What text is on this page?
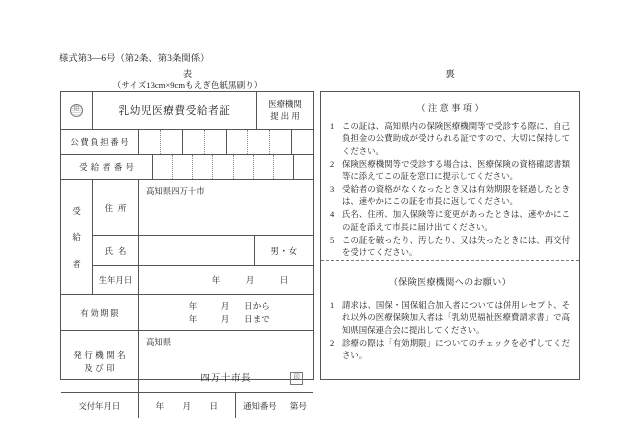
様式第3—6号（第2条、第3条関係）
表
（サイズ13cm×9cmもえぎ色紙黒刷り）
裏
印	乳幼児医療費受給者証
医療機関
提出用
公費負担番号
受給者番号
受
給
者
住所
高知県四万十市
氏名	男・女
生年月日	年	月	日
有効期限
年	月 日から
年	月 日まで
発行機関名
及び印
高知県
四万十市長	印
交付年月日	年 月 日	通知番号	第 号
（注意事項）
1 この証は、高知県内の保険医療機関等で受診する際に、自己負担金の公費助成が受けられる証ですので、大切に保持してください。
2 保険医療機関等で受診する場合は、医療保険の資格確認書類等に添えてこの証を窓口に提示してください。
3 受給者の資格がなくなったとき又は有効期限を経過したときは、速やかにこの証を市長に返してください。
4 氏名、住所、加入保険等に変更があったときは、速やかにこの証を添えて市長に届け出てください。
5 この証を破ったり、汚したり、又は失ったときには、再交付を受けてください。
（保険医療機関へのお願い）
1 請求は、国保・国保組合加入者については併用レセプト、それ以外の医療保険加入者は「乳幼児福祉医療費請求書」で高知県国保連合会に提出してください。
2 診療の際は「有効期限」についてのチェックを必ずしてください。
